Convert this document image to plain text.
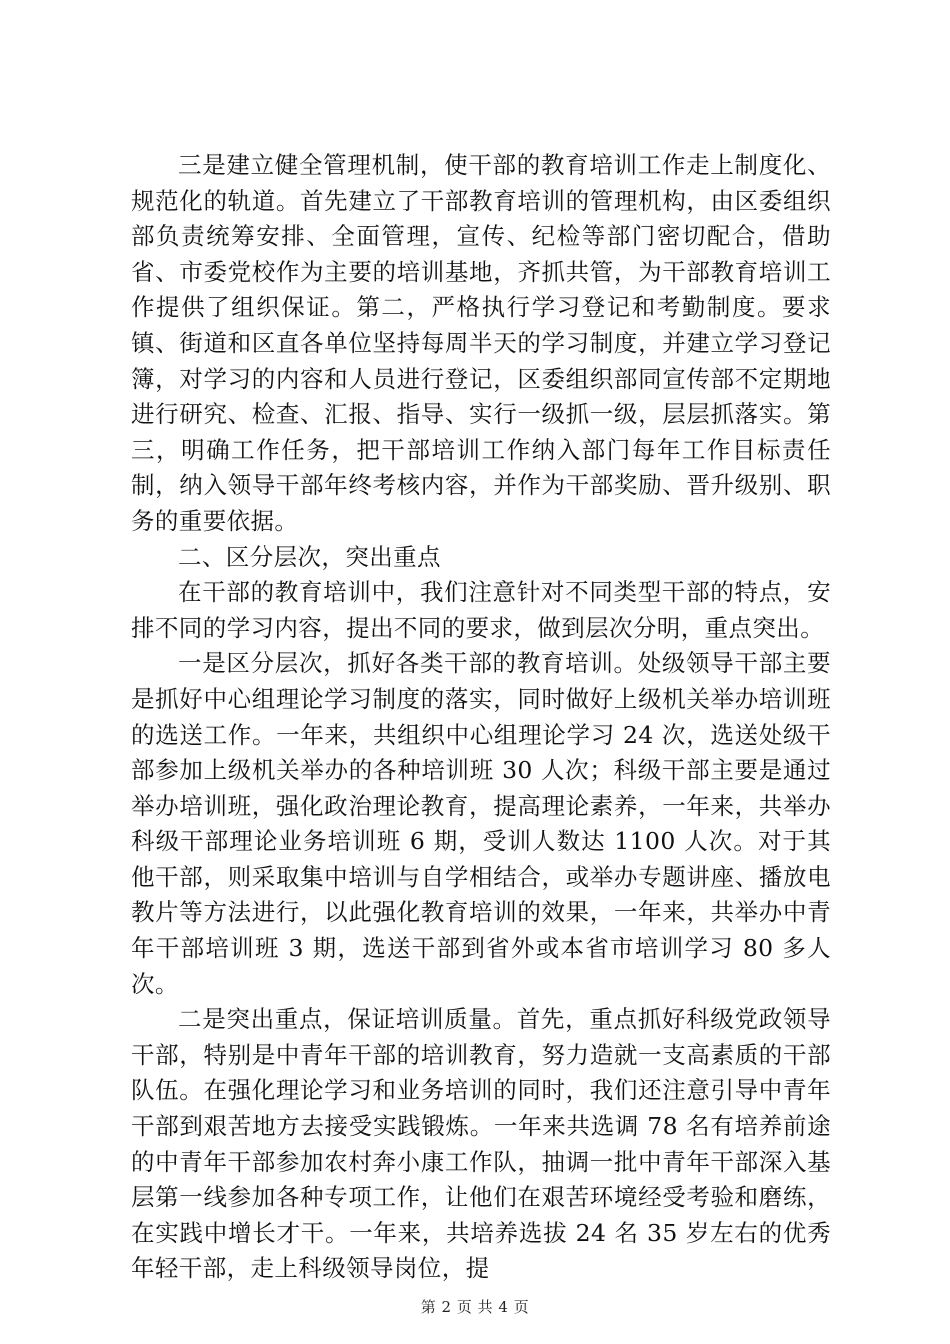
三是建立健全管理机制，使干部的教育培训工作走上制度化、规范化的轨道。首先建立了干部教育培训的管理机构，由区委组织部负责统筹安排、全面管理，宣传、纪检等部门密切配合，借助省、市委党校作为主要的培训基地，齐抓共管，为干部教育培训工作提供了组织保证。第二，严格执行学习登记和考勤制度。要求镇、街道和区直各单位坚持每周半天的学习制度，并建立学习登记簿，对学习的内容和人员进行登记，区委组织部同宣传部不定期地进行研究、检查、汇报、指导、实行一级抓一级，层层抓落实。第三，明确工作任务，把干部培训工作纳入部门每年工作目标责任制，纳入领导干部年终考核内容，并作为干部奖励、晋升级别、职务的重要依据。

二、区分层次，突出重点

在干部的教育培训中，我们注意针对不同类型干部的特点，安排不同的学习内容，提出不同的要求，做到层次分明，重点突出。

一是区分层次，抓好各类干部的教育培训。处级领导干部主要是抓好中心组理论学习制度的落实，同时做好上级机关举办培训班的选送工作。一年来，共组织中心组理论学习 24 次，选送处级干部参加上级机关举办的各种培训班 30 人次；科级干部主要是通过举办培训班，强化政治理论教育，提高理论素养，一年来，共举办科级干部理论业务培训班 6 期，受训人数达 1100 人次。对于其他干部，则采取集中培训与自学相结合，或举办专题讲座、播放电教片等方法进行，以此强化教育培训的效果，一年来，共举办中青年干部培训班 3 期，选送干部到省外或本省市培训学习 80 多人次。

二是突出重点，保证培训质量。首先，重点抓好科级党政领导干部，特别是中青年干部的培训教育，努力造就一支高素质的干部队伍。在强化理论学习和业务培训的同时，我们还注意引导中青年干部到艰苦地方去接受实践锻炼。一年来共选调 78 名有培养前途的中青年干部参加农村奔小康工作队，抽调一批中青年干部深入基层第一线参加各种专项工作，让他们在艰苦环境经受考验和磨练，在实践中增长才干。一年来，共培养选拔 24 名 35 岁左右的优秀年轻干部，走上科级领导岗位，提

第 2 页 共 4 页
